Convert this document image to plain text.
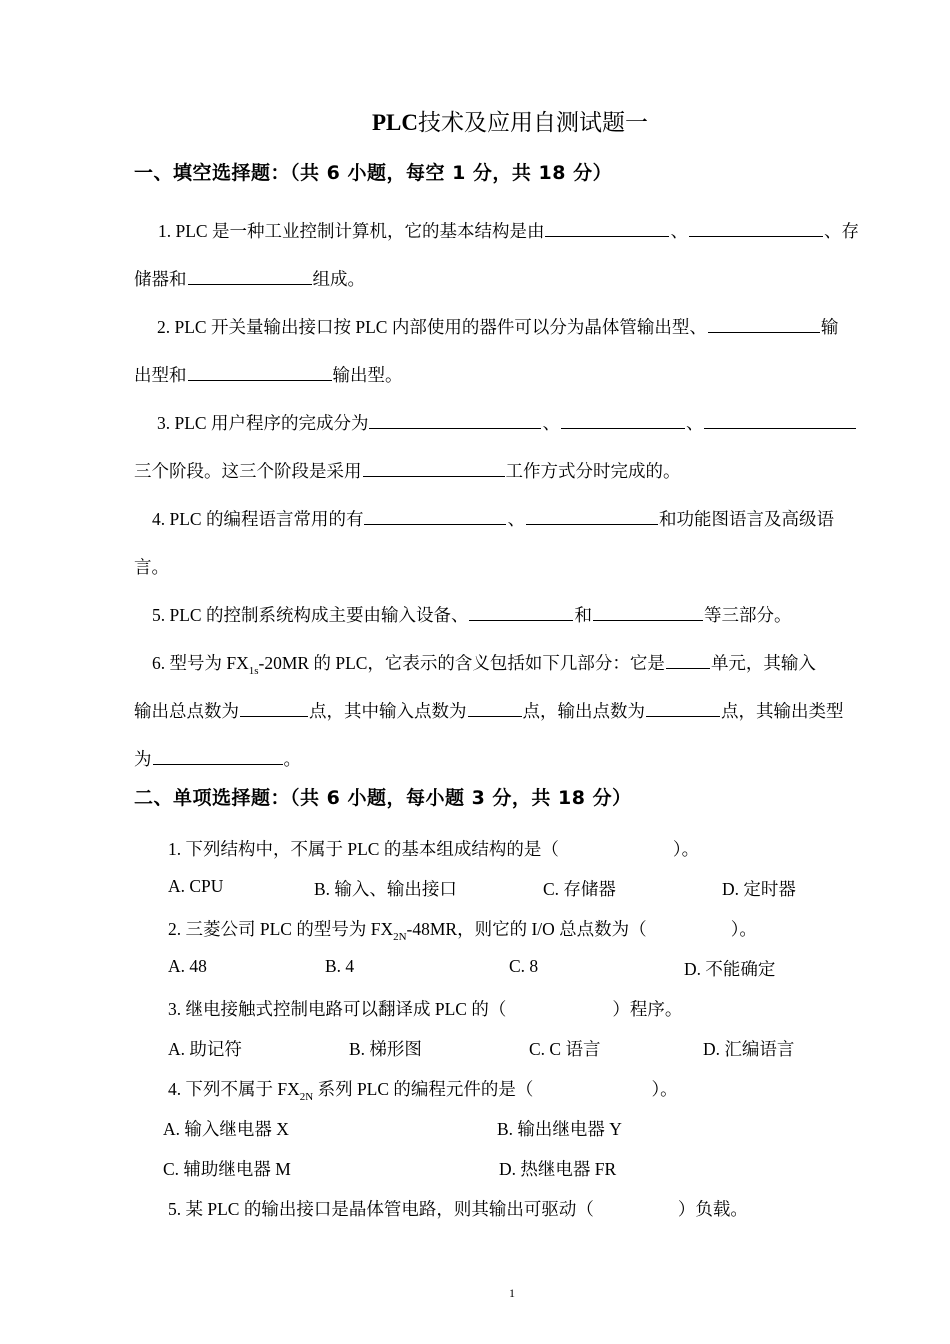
PLC技术及应用自测试题一
一、填空选择题：（共 6 小题，每空 1 分，共 18 分）
1. PLC 是一种工业控制计算机，它的基本结构是由	、	、存
储器和	组成。
2. PLC 开关量输出接口按 PLC 内部使用的器件可以分为晶体管输出型、	输
出型和	输出型。
3. PLC 用户程序的完成分为	、	、
三个阶段。这三个阶段是采用	工作方式分时完成的。
4. PLC 的编程语言常用的有	、	和功能图语言及高级语
言。
5. PLC 的控制系统构成主要由输入设备、	和	等三部分。
6. 型号为 $FX_{1s}-20MR$ 的 PLC，它表示的含义包括如下几部分：它是	单元，其输入
输出总点数为	点，其中输入点数为	点，输出点数为	点，其输出类型
为	。
二、单项选择题：（共 6 小题，每小题 3 分，共 18 分）
1. 下列结构中，不属于 PLC 的基本组成结构的是（	）。
A. CPU	B. 输入、输出接口	C. 存储器	D. 定时器
2. 三菱公司 PLC 的型号为 $FX_{2N}-48MR$，则它的 I/O 总点数为（	）。
A. 48	B. 4	C. 8	D. 不能确定
3. 继电接触式控制电路可以翻译成 PLC 的（	）程序。
A. 助记符	B. 梯形图	C. C 语言	D. 汇编语言
4. 下列不属于 $FX_{2N}$ 系列 PLC 的编程元件的是（	）。
A. 输入继电器 X	B. 输出继电器 Y
C. 辅助继电器 M	D. 热继电器 FR
5. 某 PLC 的输出接口是晶体管电路，则其输出可驱动（	）负载。
1
